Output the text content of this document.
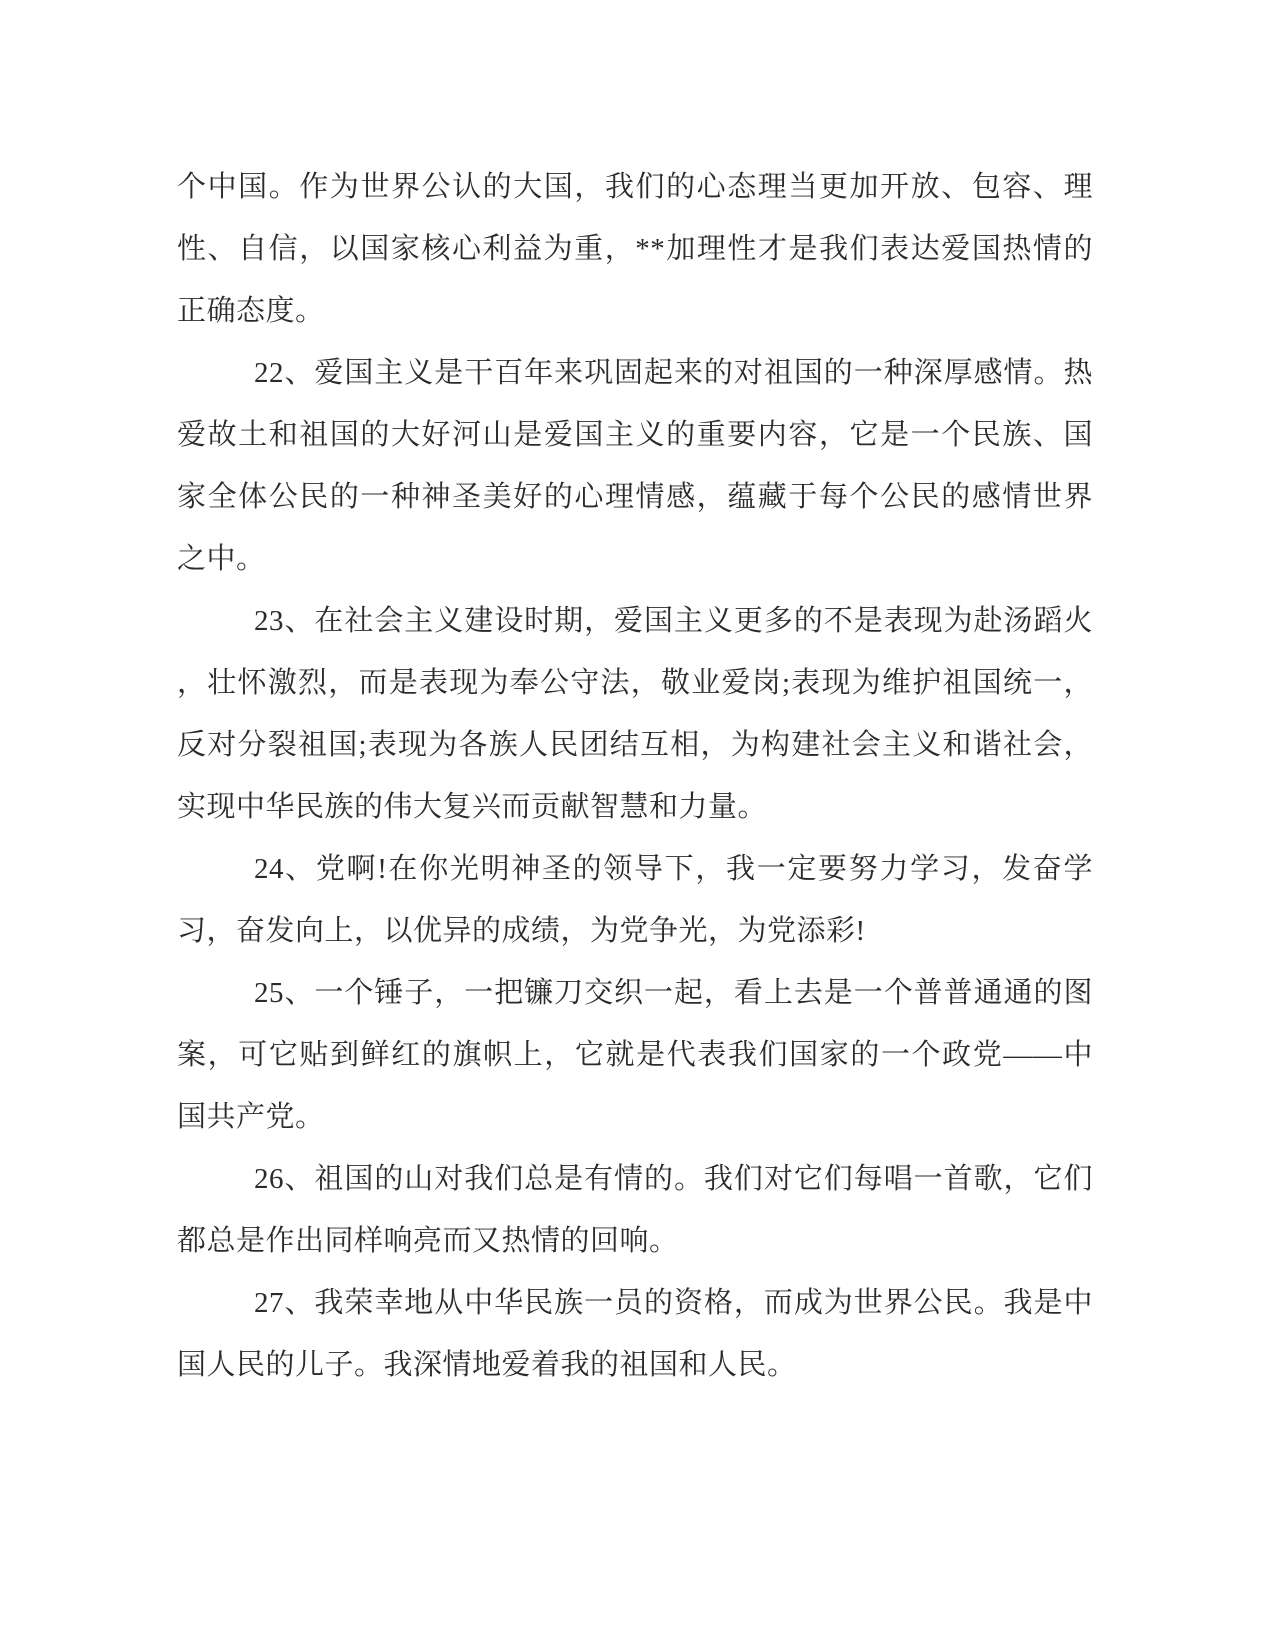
个中国。作为世界公认的大国，我们的心态理当更加开放、包容、理
性、自信，以国家核心利益为重，**加理性才是我们表达爱国热情的
正确态度。
22、爱国主义是干百年来巩固起来的对祖国的一种深厚感情。热
爱故土和祖国的大好河山是爱国主义的重要内容，它是一个民族、国
家全体公民的一种神圣美好的心理情感，蕴藏于每个公民的感情世界
之中。
23、在社会主义建设时期，爱国主义更多的不是表现为赴汤蹈火
，壮怀激烈，而是表现为奉公守法，敬业爱岗;表现为维护祖国统一，
反对分裂祖国;表现为各族人民团结互相，为构建社会主义和谐社会，
实现中华民族的伟大复兴而贡献智慧和力量。
24、党啊!在你光明神圣的领导下，我一定要努力学习，发奋学
习，奋发向上，以优异的成绩，为党争光，为党添彩!
25、一个锤子，一把镰刀交织一起，看上去是一个普普通通的图
案，可它贴到鲜红的旗帜上，它就是代表我们国家的一个政党——中
国共产党。
26、祖国的山对我们总是有情的。我们对它们每唱一首歌，它们
都总是作出同样响亮而又热情的回响。
27、我荣幸地从中华民族一员的资格，而成为世界公民。我是中
国人民的儿子。我深情地爱着我的祖国和人民。
